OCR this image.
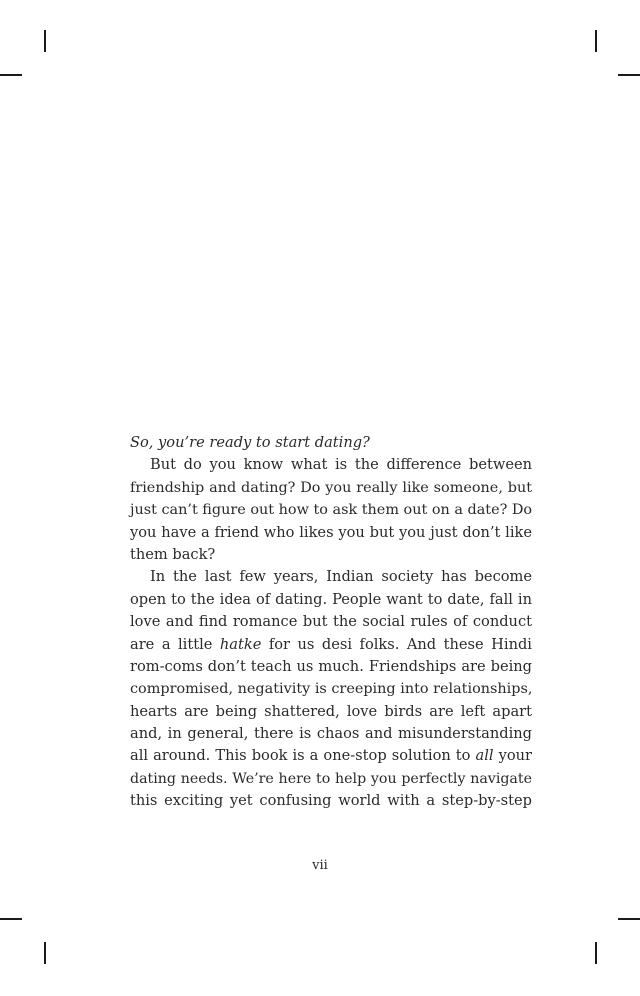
So, you’re ready to start dating?
But do you know what is the difference between
friendship and dating? Do you really like someone, but
just can’t figure out how to ask them out on a date? Do
you have a friend who likes you but you just don’t like
them back?
In the last few years, Indian society has become
open to the idea of dating. People want to date, fall in
love and find romance but the social rules of conduct
are a little hatke for us desi folks. And these Hindi
rom-coms don’t teach us much. Friendships are being
compromised, negativity is creeping into relationships,
hearts are being shattered, love birds are left apart
and, in general, there is chaos and misunderstanding
all around. This book is a one-stop solution to all your
dating needs. We’re here to help you perfectly navigate
this exciting yet confusing world with a step-by-step
vii
